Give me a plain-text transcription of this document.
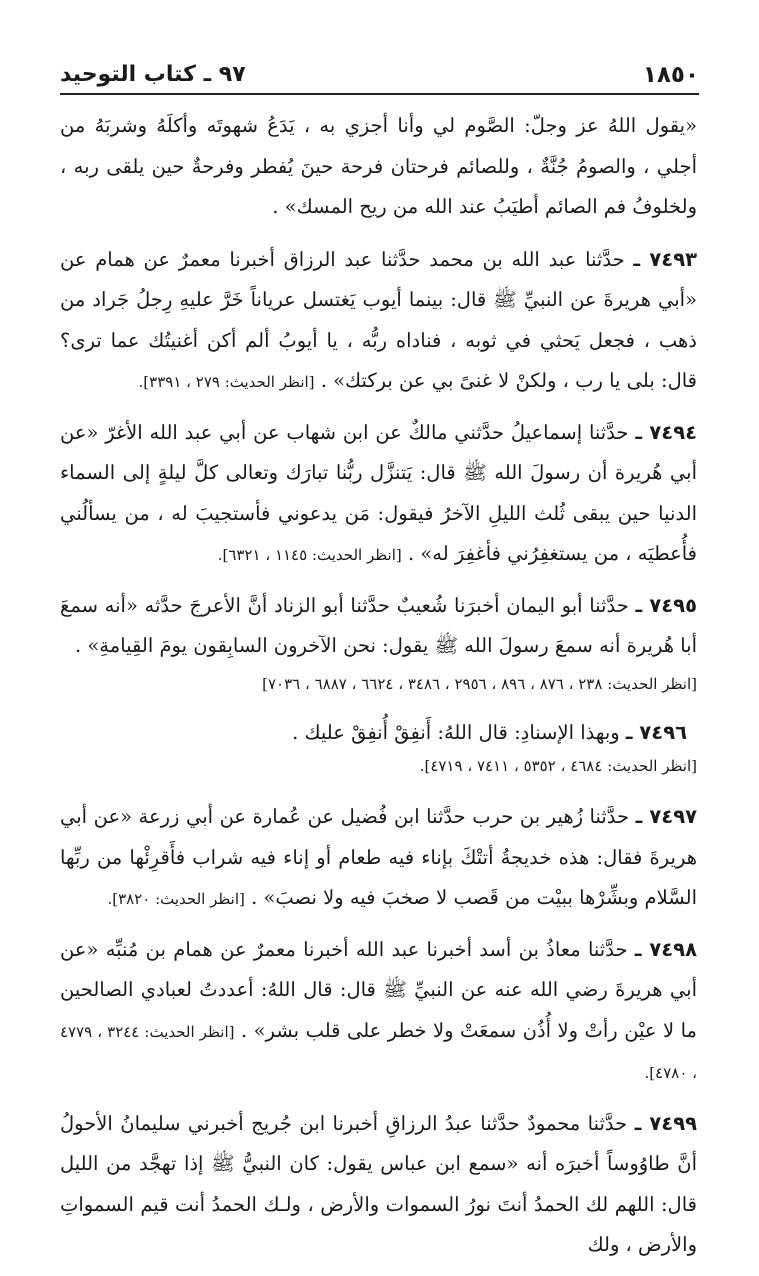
١٨٥٠
٩٧ ـ كتاب التوحيد

«يقول اللهُ عز وجلّ: الصَّوم لي وأنا أجزي به ، يَدَعُ شهوتَه وأكلَهُ وشربَهُ من أجلي ، والصومُ جُنَّةٌ ، وللصائم فرحتان فرحة حينَ يُفطر وفرحةٌ حين يلقى ربه ، ولخلوفُ فم الصائم أطيَبُ عند الله من ريح المسك» .

٧٤٩٣ ـ حدَّثنا عبد الله بن محمد حدَّثنا عبد الرزاق أخبرنا معمرٌ عن همام عن «أبي هريرةَ عن النبيِّ ﷺ قال: بينما أيوب يَغتسل عرياناً خَرَّ عليهِ رِجلُ جَراد من ذهب ، فجعل يَحثي في ثوبه ، فناداه ربُّه ، يا أيوبُ ألم أكن أغنيتُك عما ترى؟ قال: بلى يا رب ، ولكنْ لا غنىً بي عن بركتك» . [انظر الحديث: ٢٧٩ ، ٣٣٩١].

٧٤٩٤ ـ حدَّثنا إسماعيلُ حدَّثني مالكٌ عن ابن شهاب عن أبي عبد الله الأغرّ «عن أبي هُريرة أن رسولَ الله ﷺ قال: يَتنزَّل ربُّنا تبارَك وتعالى كلَّ ليلةٍ إلى السماء الدنيا حين يبقى ثُلث الليلِ الآخرُ فيقول: مَن يدعوني فأستجيبَ له ، من يسألُني فأُعطيَه ، من يستغفِرُني فأغفِرَ له» . [انظر الحديث: ١١٤٥ ، ٦٣٢١].

٧٤٩٥ ـ حدَّثنا أبو اليمان أخبرَنا شُعيبٌ حدَّثنا أبو الزناد أنَّ الأعرجَ حدَّثه «أنه سمعَ أبا هُريرة أنه سمعَ رسولَ الله ﷺ يقول: نحن الآخرون السابِقون يومَ القِيامةِ» .

[انظر الحديث: ٢٣٨ ، ٨٧٦ ، ٨٩٦ ، ٢٩٥٦ ، ٣٤٨٦ ، ٦٦٢٤ ، ٦٨٨٧ ، ٧٠٣٦]

٧٤٩٦ ـ وبهذا الإسنادِ: قال اللهُ: أَنفِقْ أُنفِقْ عليك .

[انظر الحديث: ٤٦٨٤ ، ٥٣٥٢ ، ٧٤١١ ، ٤٧١٩].

٧٤٩٧ ـ حدَّثنا زُهير بن حرب حدَّثنا ابن فُضيل عن عُمارة عن أبي زرعة «عن أبي هريرةَ فقال: هذه خديجةُ أتتْكَ بإناء فيه طعام أو إناء فيه شراب فأَقرِئْها من ربِّها السَّلام وبشِّرْها ببيْت من قَصب لا صخبَ فيه ولا نصبَ» . [انظر الحديث: ٣٨٢٠].

٧٤٩٨ ـ حدَّثنا معاذُ بن أسد أخبرنا عبد الله أخبرنا معمرٌ عن همام بن مُنبِّه «عن أبي هريرةَ رضي الله عنه عن النبيِّ ﷺ قال: قال اللهُ: أعددتُ لعبادي الصالحين ما لا عيْن رأتْ ولا أُذُن سمعَتْ ولا خطر على قلب بشر» . [انظر الحديث: ٣٢٤٤ ، ٤٧٧٩ ، ٤٧٨٠].

٧٤٩٩ ـ حدَّثنا محمودٌ حدَّثنا عبدُ الرزاقِ أخبرنا ابن جُريج أخبرني سليمانُ الأحولُ أنَّ طاوُوساً أخبرَه أنه «سمع ابن عباس يقول: كان النبيُّ ﷺ إذا تهجَّد من الليل قال: اللهم لك الحمدُ أنتَ نورُ السموات والأرض ، ولـك الحمدُ أنت قيم السمواتِ والأرض ، ولك
